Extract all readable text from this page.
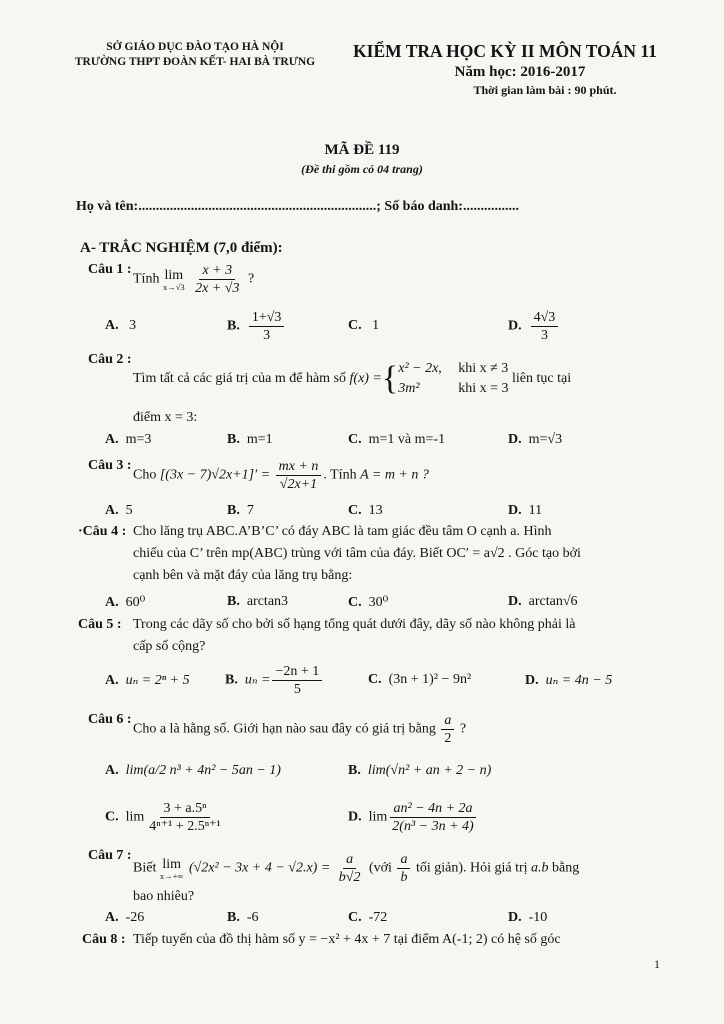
SỞ GIÁO DỤC ĐÀO TẠO HÀ NỘI
TRƯỜNG THPT ĐOÀN KẾT- HAI BÀ TRƯNG
KIỂM TRA HỌC KỲ II MÔN TOÁN 11
Năm học: 2016-2017
Thời gian làm bài : 90 phút.
MÃ ĐỀ 119
(Đề thi gồm có 04 trang)
Họ và tên:....................................................................; Số báo danh:................
A- TRẮC NGHIỆM (7,0 điểm):
Câu 1 :
Tính lim
x→√3
$\frac{x + 3}{2x + √3}$ ?
A. 3	B. $\frac{1+√3}{3}$	C. 1	D. $\frac{4√3}{3}$
Câu 2 :
Tìm tất cả các giá trị của m để hàm số
f(x) = { x² − 2x, khi x ≠ 3
3m²	khi x = 3

liên tục tại
điểm x = 3:
A. m=3	B. m=1	C. m=1 và m=-1	D. m=√3
Câu 3 :
Cho $[(3x - 7)√2x+1]' = \frac{mx + n}{√2x+1}$ . Tính A = m + n ?
A. 5	B. 7	C. 13	D. 11
·Câu 4 : Cho lăng trụ ABC.A’B’C’ có đáy ABC là tam giác đều tâm O cạnh a. Hình
chiếu của C’ trên mp(ABC) trùng với tâm của đáy. Biết OC′ = a√2 . Góc tạo bởi
cạnh bên và mặt đáy của lăng trụ bằng:
A. 60⁰	B. arctan3	C. 30⁰	D. arctan√6
Câu 5 : Trong các dãy số cho bởi số hạng tổng quát dưới đây, dãy số nào không phải là
cấp số cộng?
A. uₙ = 2ⁿ + 5	B. $u_n = \frac{-2n + 1}{5}$	C. (3n + 1)² − 9n²	D. uₙ = 4n − 5
Câu 6 :
Cho a là hằng số. Giới hạn nào sau đây có giá trị bằng $\frac{a}{2}$ ?
A. lim(a/2 n³ + 4n² − 5an − 1)	B. lim(√n² + an + 2 − n)
C. $\lim \frac{\text{3 + a.5ⁿ}}{\text{4ⁿ⁺¹ + 2.5ⁿ⁺¹}}$	D. $\lim \frac{\text{an² − 4n + 2a}}{\text{2(n³ − 3n + 4)}}$
Câu 7 :
Biết lim
x→+∞ $(√2x^2 - 3x + 4 - √2.x) = \frac{a}{b√2}$ (với $\frac{a}{b}$ tối giản). Hỏi giá trị a.b bằng
bao nhiêu?
A. -26	B. -6	C. -72	D. -10
Câu 8 : Tiếp tuyến của đồ thị hàm số y = −x² + 4x + 7 tại điểm A(-1; 2) có hệ số góc
1
